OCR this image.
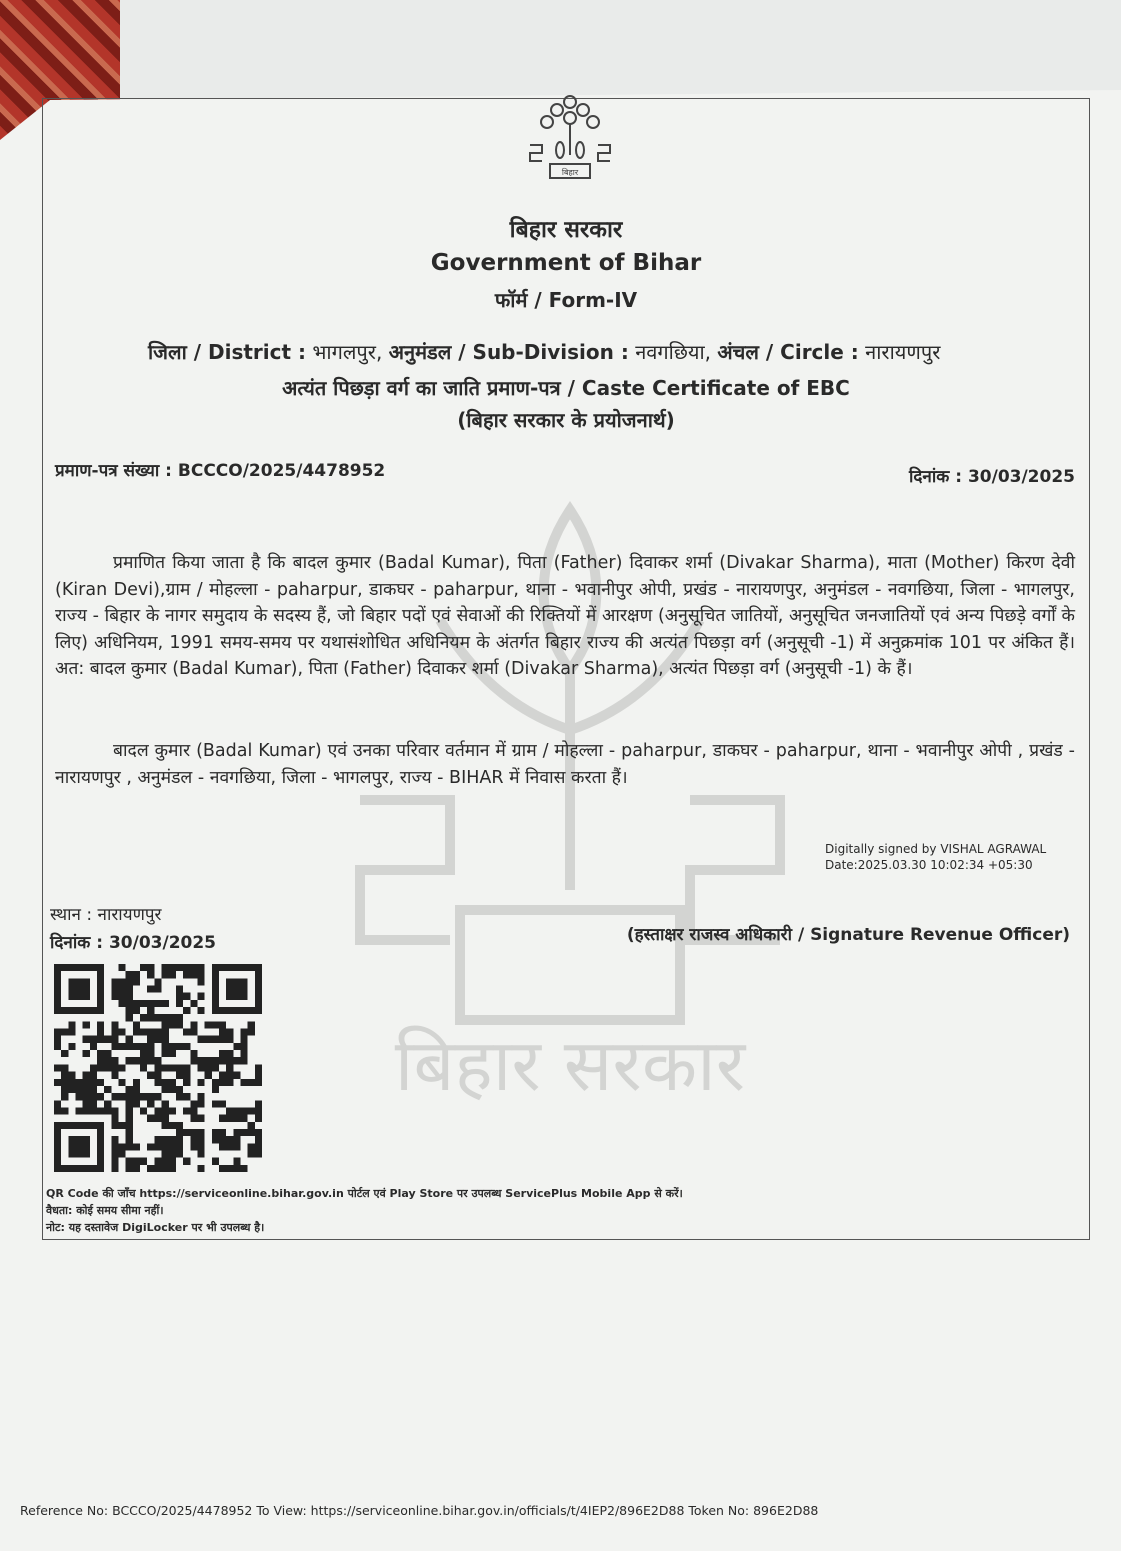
बिहार सरकार
बिहार
बिहार सरकार
Government of Bihar
फॉर्म / Form-IV
जिला / District : भागलपुर, अनुमंडल / Sub-Division : नवगछिया, अंचल / Circle : नारायणपुर
अत्यंत पिछड़ा वर्ग का जाति प्रमाण-पत्र / Caste Certificate of EBC
(बिहार सरकार के प्रयोजनार्थ)
प्रमाण-पत्र संख्या : BCCCO/2025/4478952	दिनांक : 30/03/2025
प्रमाणित किया जाता है कि बादल कुमार (Badal Kumar), पिता (Father) दिवाकर शर्मा (Divakar Sharma), माता (Mother) किरण देवी (Kiran Devi),ग्राम / मोहल्ला - paharpur, डाकघर - paharpur, थाना - भवानीपुर ओपी, प्रखंड - नारायणपुर, अनुमंडल - नवगछिया, जिला - भागलपुर, राज्य - बिहार के नागर समुदाय के सदस्य हैं, जो बिहार पदों एवं सेवाओं की रिक्तियों में आरक्षण (अनुसूचित जातियों, अनुसूचित जनजातियों एवं अन्य पिछड़े वर्गों के लिए) अधिनियम, 1991 समय-समय पर यथासंशोधित अधिनियम के अंतर्गत बिहार राज्य की अत्यंत पिछड़ा वर्ग (अनुसूची -1) में अनुक्रमांक 101 पर अंकित हैं। अत: बादल कुमार (Badal Kumar), पिता (Father) दिवाकर शर्मा (Divakar Sharma), अत्यंत पिछड़ा वर्ग (अनुसूची -1) के हैं।
बादल कुमार (Badal Kumar) एवं उनका परिवार वर्तमान में ग्राम / मोहल्ला - paharpur, डाकघर - paharpur, थाना - भवानीपुर ओपी , प्रखंड - नारायणपुर , अनुमंडल - नवगछिया, जिला - भागलपुर, राज्य - BIHAR में निवास करता हैं।
Digitally signed by VISHAL AGRAWAL
Date:2025.03.30 10:02:34 +05:30
स्थान : नारायणपुर
दिनांक : 30/03/2025	(हस्ताक्षर राजस्व अधिकारी / Signature Revenue Officer)
QR Code की जाँच https://serviceonline.bihar.gov.in पोर्टल एवं Play Store पर उपलब्ध ServicePlus Mobile App से करें।
वैधता: कोई समय सीमा नहीं।
नोट: यह दस्तावेज DigiLocker पर भी उपलब्ध है।
Reference No: BCCCO/2025/4478952 To View: https://serviceonline.bihar.gov.in/officials/t/4IEP2/896E2D88 Token No: 896E2D88
